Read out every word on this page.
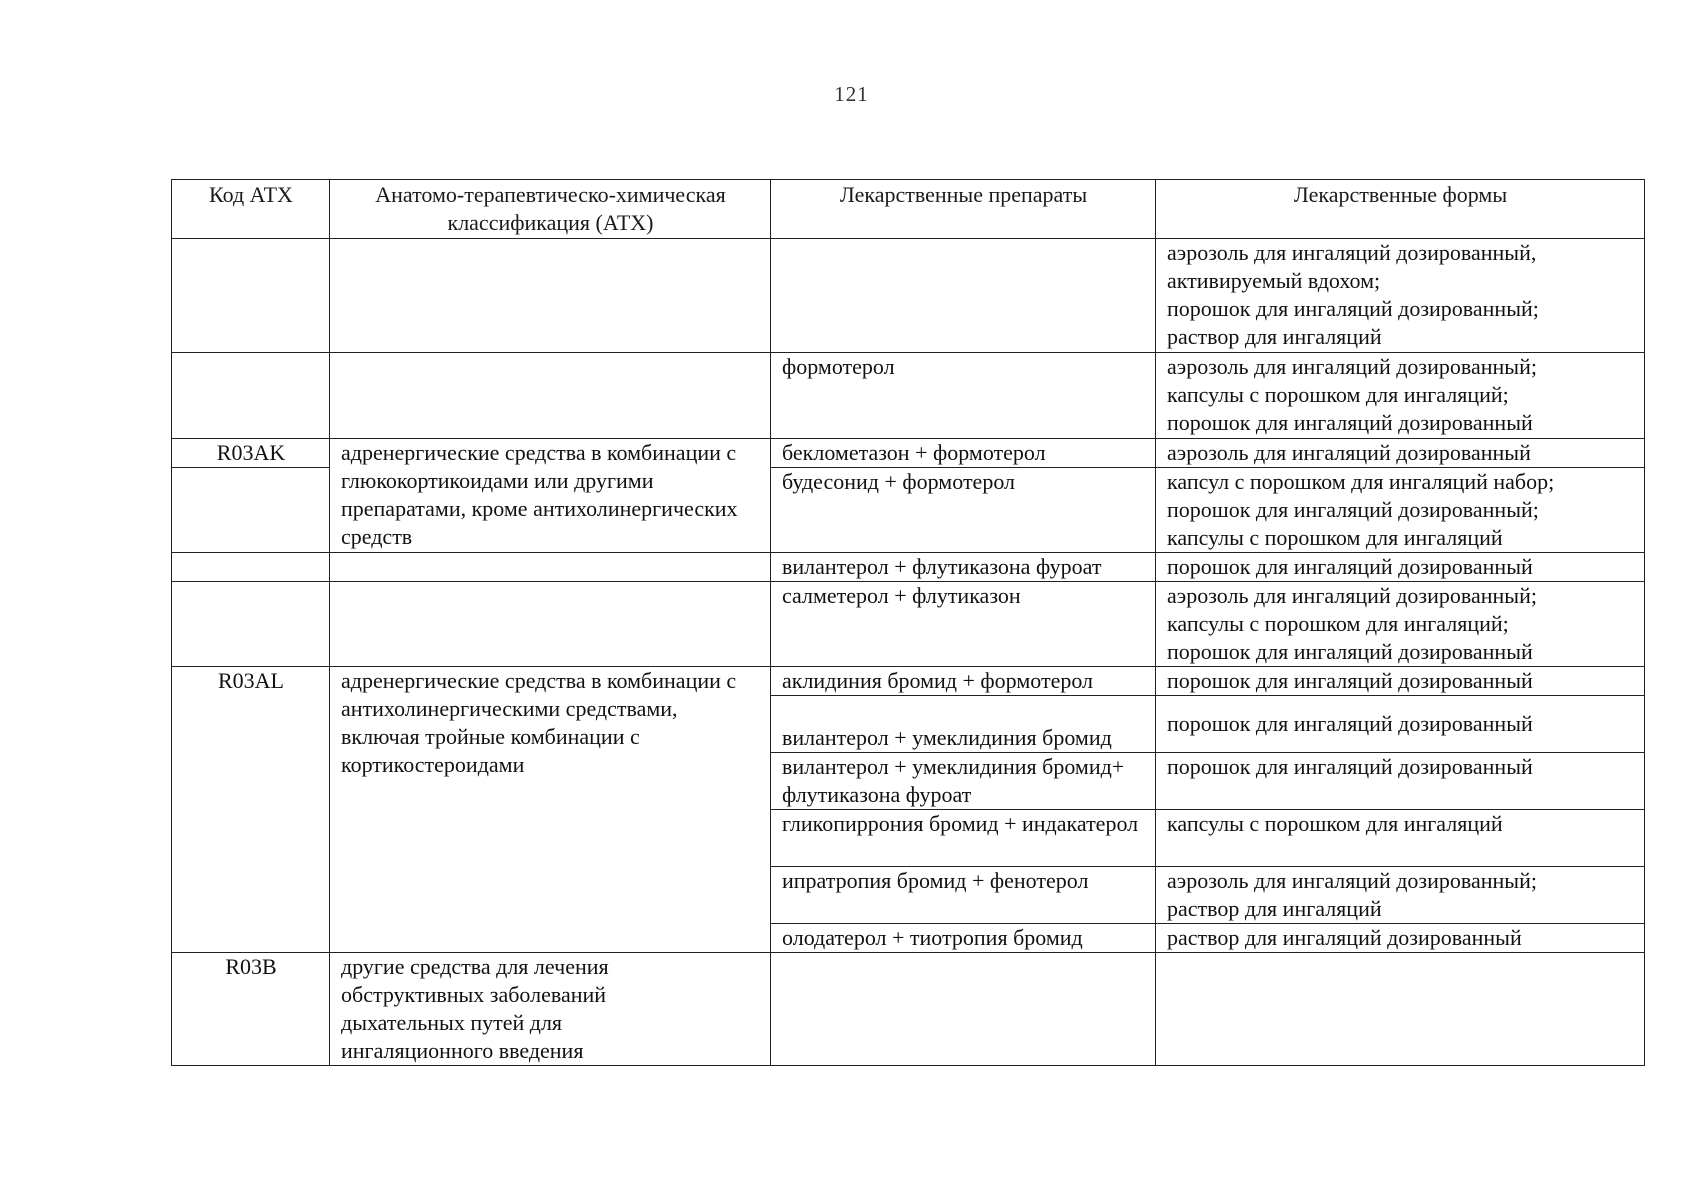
121
Код АТХ	Анатомо-терапевтическо-химическая классификация (АТХ)	Лекарственные препараты	Лекарственные формы

			аэрозоль для ингаляций дозированный,
активируемый вдохом;
порошок для ингаляций дозированный;
раствор для ингаляций

		формотерол	аэрозоль для ингаляций дозированный;
капсулы с порошком для ингаляций;
порошок для ингаляций дозированный

R03AK	адренергические средства в комбинации с глюкокортикоидами или другими препаратами, кроме антихолинергических средств	беклометазон + формотерол	аэрозоль для ингаляций дозированный

		будесонид + формотерол	капсул с порошком для ингаляций набор;
порошок для ингаляций дозированный;
капсулы с порошком для ингаляций

		вилантерол + флутиказона фуроат	порошок для ингаляций дозированный

		салметерол + флутиказон	аэрозоль для ингаляций дозированный;
капсулы с порошком для ингаляций;
порошок для ингаляций дозированный

R03AL	адренергические средства в комбинации с антихолинергическими средствами, включая тройные комбинации с кортикостероидами	аклидиния бромид + формотерол	порошок для ингаляций дозированный

		вилантерол + умеклидиния бромид	порошок для ингаляций дозированный

		вилантерол + умеклидиния бромид+ флутиказона фуроат	порошок для ингаляций дозированный

		гликопиррония бромид + индакатерол	капсулы с порошком для ингаляций

		ипратропия бромид + фенотерол	аэрозоль для ингаляций дозированный;
раствор для ингаляций

		олодатерол + тиотропия бромид	раствор для ингаляций дозированный

R03B	другие средства для лечения обструктивных заболеваний дыхательных путей для ингаляционного введения		
